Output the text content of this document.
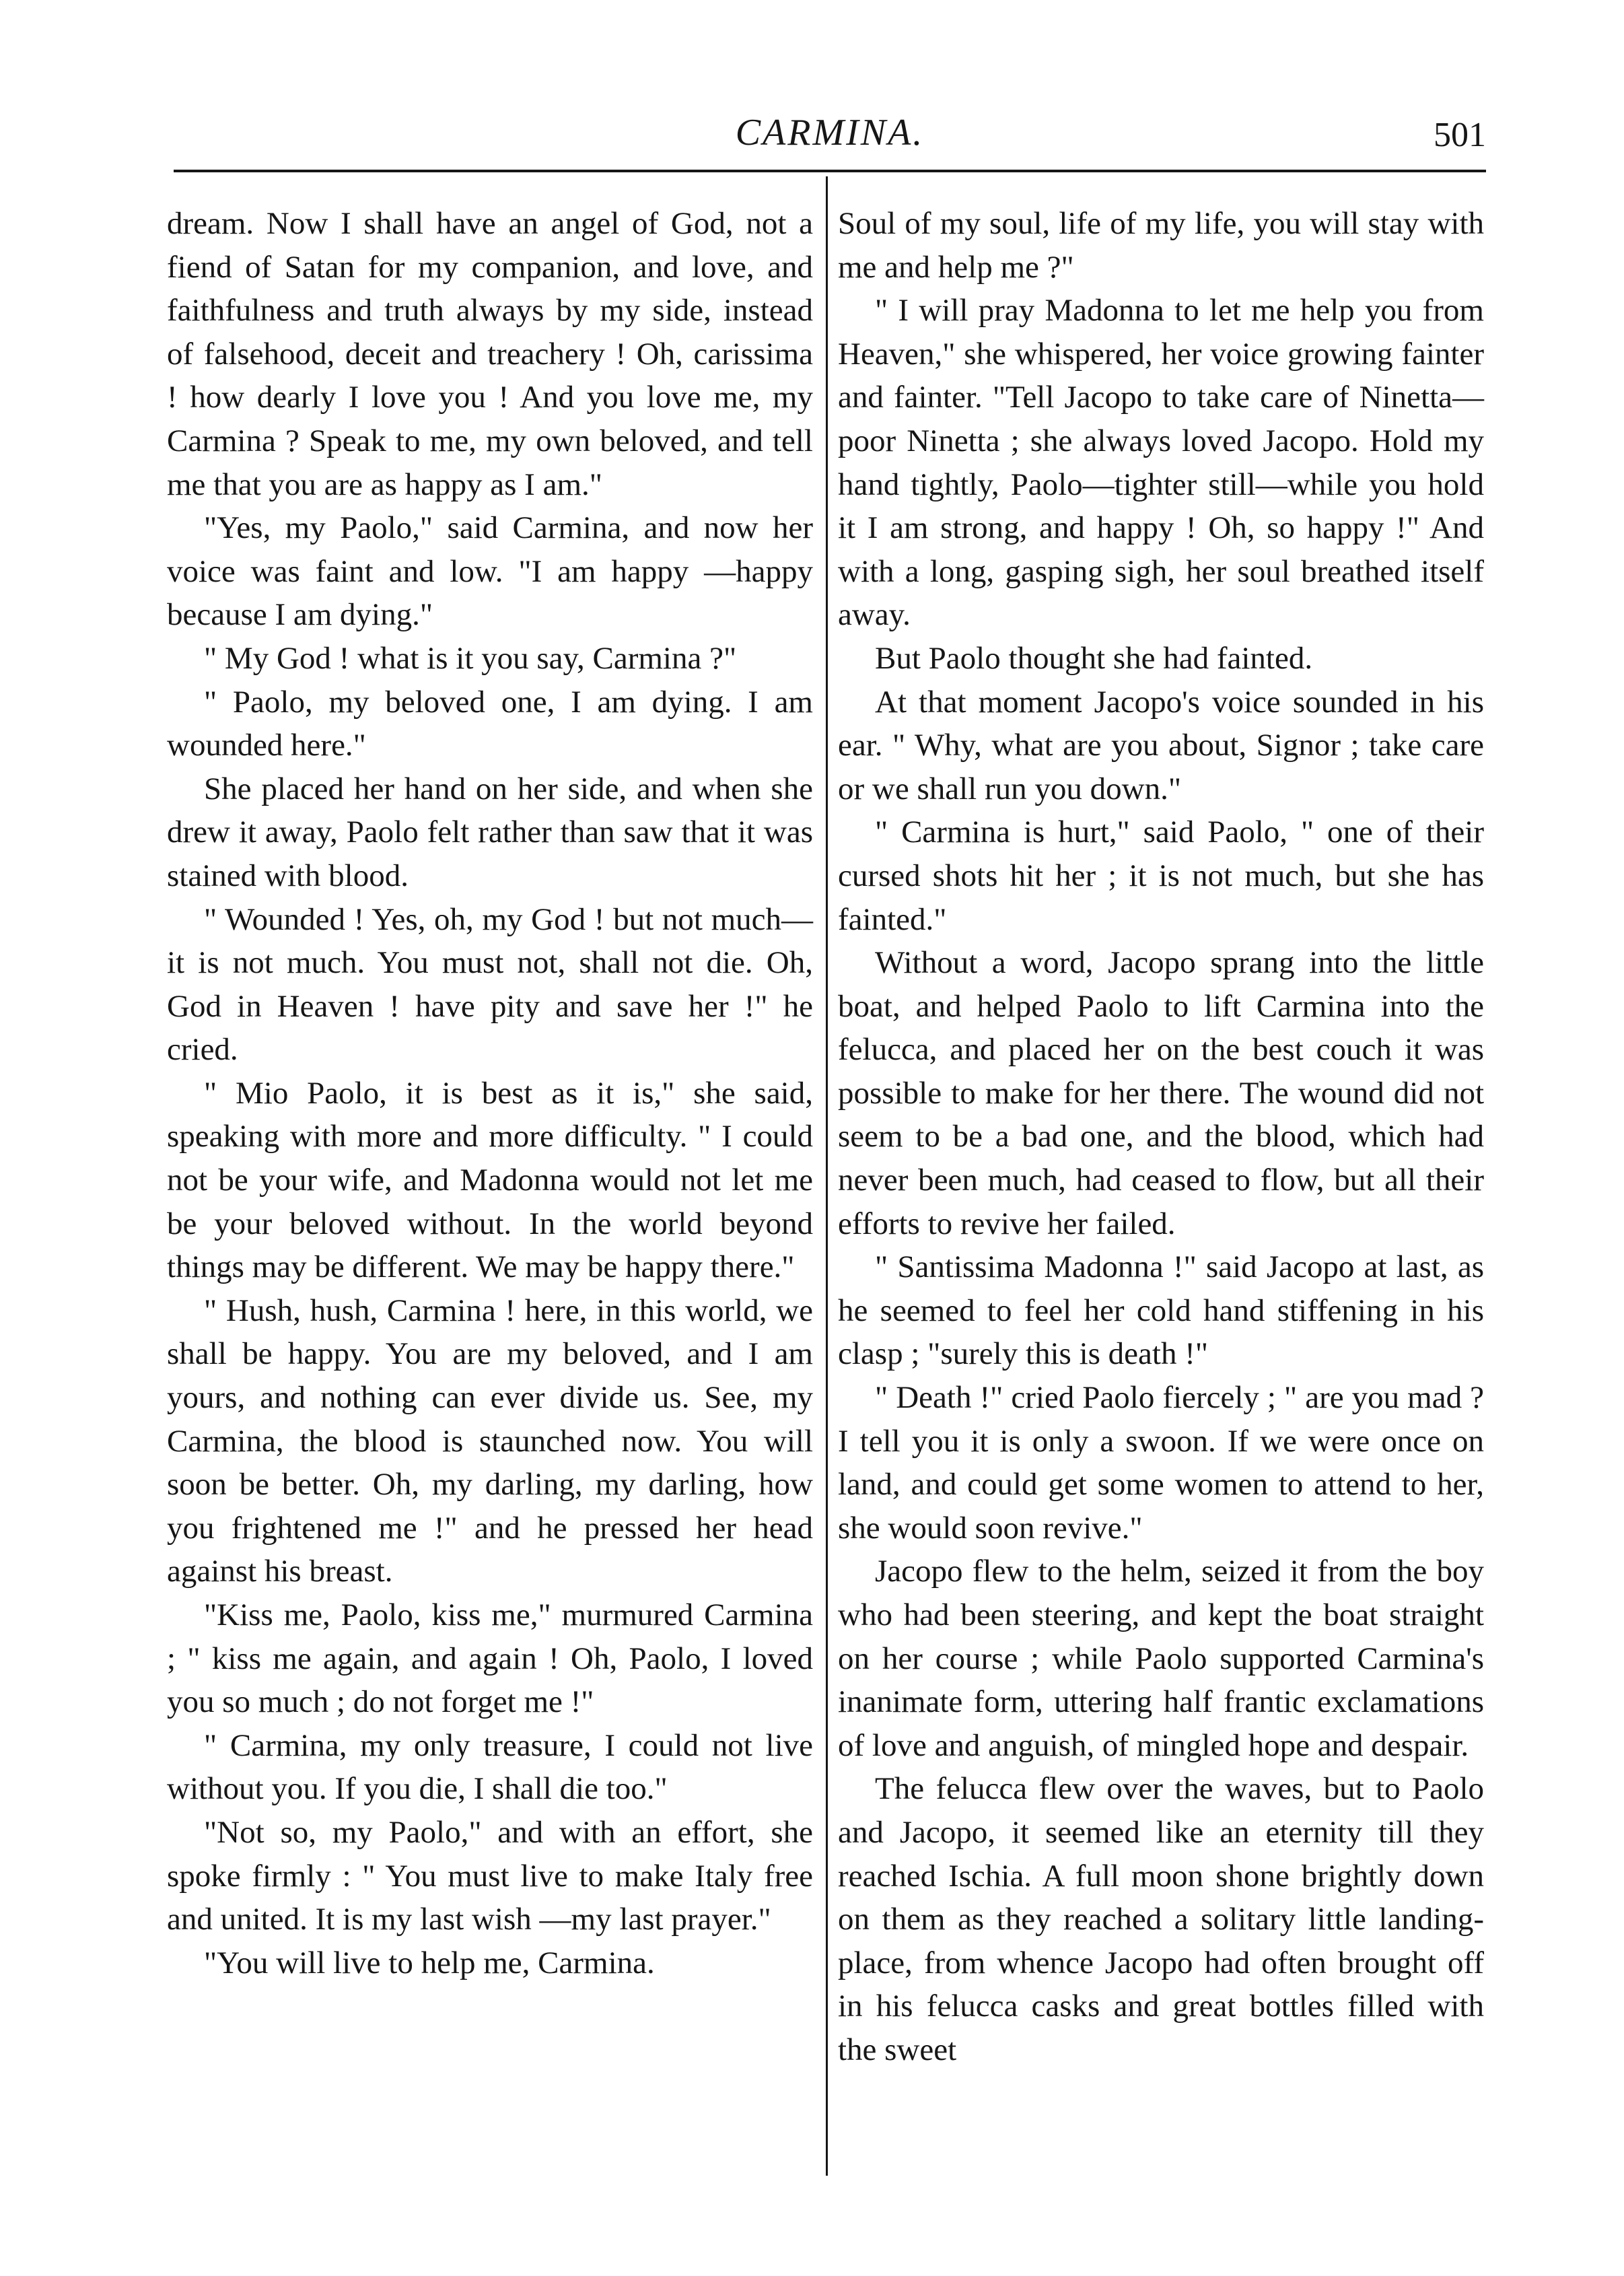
CARMINA.	501

dream. Now I shall have an angel of God, not a fiend of Satan for my companion, and love, and faithfulness and truth always by my side, instead of falsehood, deceit and treachery ! Oh, carissima ! how dearly I love you ! And you love me, my Carmina ? Speak to me, my own beloved, and tell me that you are as happy as I am."

"Yes, my Paolo," said Carmina, and now her voice was faint and low. "I am happy —happy because I am dying."

" My God ! what is it you say, Carmina ?"

" Paolo, my beloved one, I am dying. I am wounded here."

She placed her hand on her side, and when she drew it away, Paolo felt rather than saw that it was stained with blood.

" Wounded ! Yes, oh, my God ! but not much—it is not much. You must not, shall not die. Oh, God in Heaven ! have pity and save her !" he cried.

" Mio Paolo, it is best as it is," she said, speaking with more and more difficulty. " I could not be your wife, and Madonna would not let me be your beloved without. In the world beyond things may be different. We may be happy there."

" Hush, hush, Carmina ! here, in this world, we shall be happy. You are my beloved, and I am yours, and nothing can ever divide us. See, my Carmina, the blood is staunched now. You will soon be better. Oh, my darling, my darling, how you frightened me !" and he pressed her head against his breast.

"Kiss me, Paolo, kiss me," murmured Carmina ; " kiss me again, and again ! Oh, Paolo, I loved you so much ; do not forget me !"

" Carmina, my only treasure, I could not live without you. If you die, I shall die too."

"Not so, my Paolo," and with an effort, she spoke firmly : " You must live to make Italy free and united. It is my last wish —my last prayer."

"You will live to help me, Carmina.

Soul of my soul, life of my life, you will stay with me and help me ?"

" I will pray Madonna to let me help you from Heaven," she whispered, her voice growing fainter and fainter. "Tell Jacopo to take care of Ninetta—poor Ninetta ; she always loved Jacopo. Hold my hand tightly, Paolo—tighter still—while you hold it I am strong, and happy ! Oh, so happy !" And with a long, gasping sigh, her soul breathed itself away.

But Paolo thought she had fainted.

At that moment Jacopo's voice sounded in his ear. " Why, what are you about, Signor ; take care or we shall run you down."

" Carmina is hurt," said Paolo, " one of their cursed shots hit her ; it is not much, but she has fainted."

Without a word, Jacopo sprang into the little boat, and helped Paolo to lift Carmina into the felucca, and placed her on the best couch it was possible to make for her there. The wound did not seem to be a bad one, and the blood, which had never been much, had ceased to flow, but all their efforts to revive her failed.

" Santissima Madonna !" said Jacopo at last, as he seemed to feel her cold hand stiffening in his clasp ; "surely this is death !"

" Death !" cried Paolo fiercely ; " are you mad ? I tell you it is only a swoon. If we were once on land, and could get some women to attend to her, she would soon revive."

Jacopo flew to the helm, seized it from the boy who had been steering, and kept the boat straight on her course ; while Paolo supported Carmina's inanimate form, uttering half frantic exclamations of love and anguish, of mingled hope and despair.

The felucca flew over the waves, but to Paolo and Jacopo, it seemed like an eternity till they reached Ischia. A full moon shone brightly down on them as they reached a solitary little landing-place, from whence Jacopo had often brought off in his felucca casks and great bottles filled with the sweet
